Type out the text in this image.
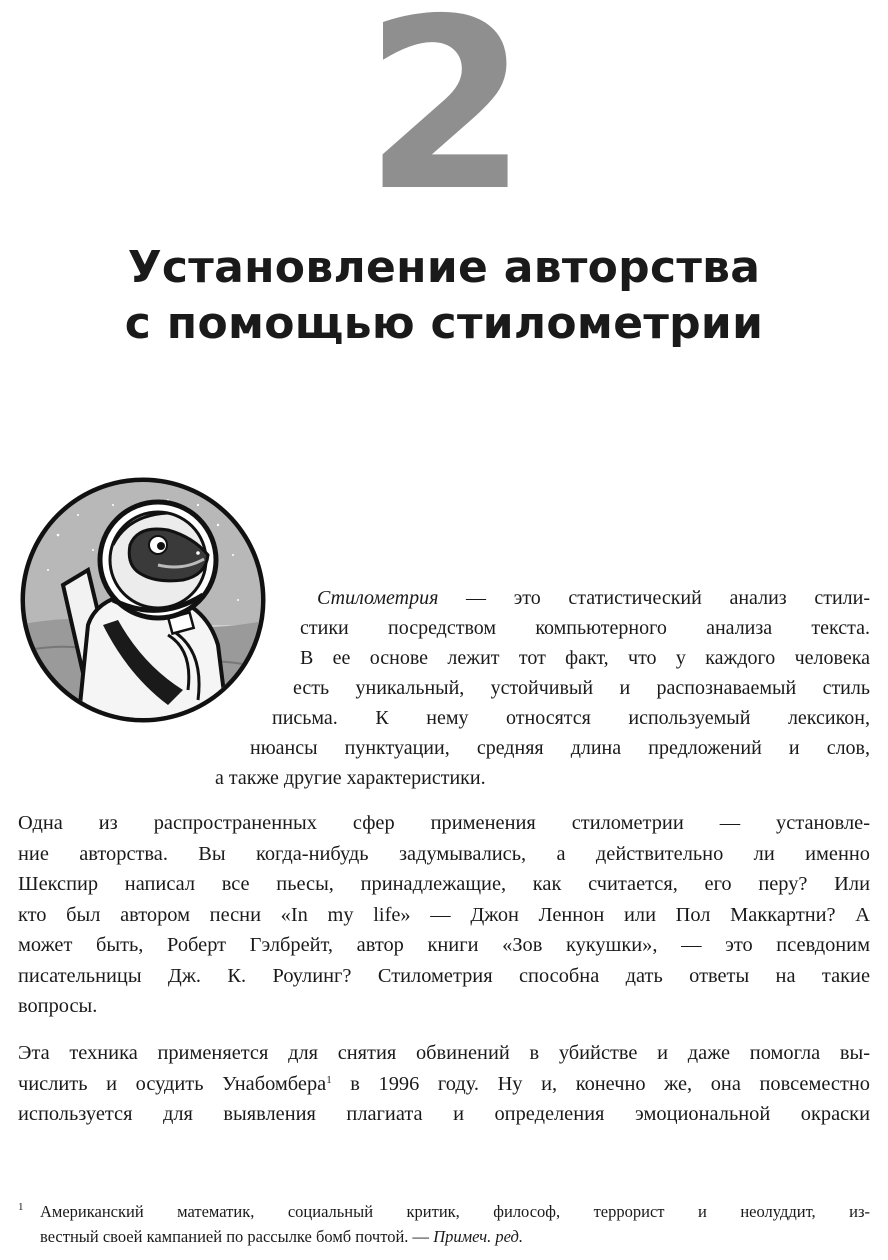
2
Установление авторства
с помощью стилометрии
Стилометрия — это статистический анализ стили-
стики посредством компьютерного анализа текста.
В ее основе лежит тот факт, что у каждого человека
есть уникальный, устойчивый и распознаваемый стиль
письма. К нему относятся используемый лексикон,
нюансы пунктуации, средняя длина предложений и слов,
а также другие характеристики.
Одна из распространенных сфер применения стилометрии — установле-
ние авторства. Вы когда-нибудь задумывались, а действительно ли именно
Шекспир написал все пьесы, принадлежащие, как считается, его перу? Или
кто был автором песни «In my life» — Джон Леннон или Пол Маккартни? А
может быть, Роберт Гэлбрейт, автор книги «Зов кукушки», — это псевдоним
писательницы Дж. К. Роулинг? Стилометрия способна дать ответы на такие
вопросы.
Эта техника применяется для снятия обвинений в убийстве и даже помогла вы-
числить и осудить Унабомбера$^1$ в 1996 году. Ну и, конечно же, она повсеместно
используется для выявления плагиата и определения эмоциональной окраски
1 Американский математик, социальный критик, философ, террорист и неолуддит, из-
вестный своей кампанией по рассылке бомб почтой. — Примеч. ред.
